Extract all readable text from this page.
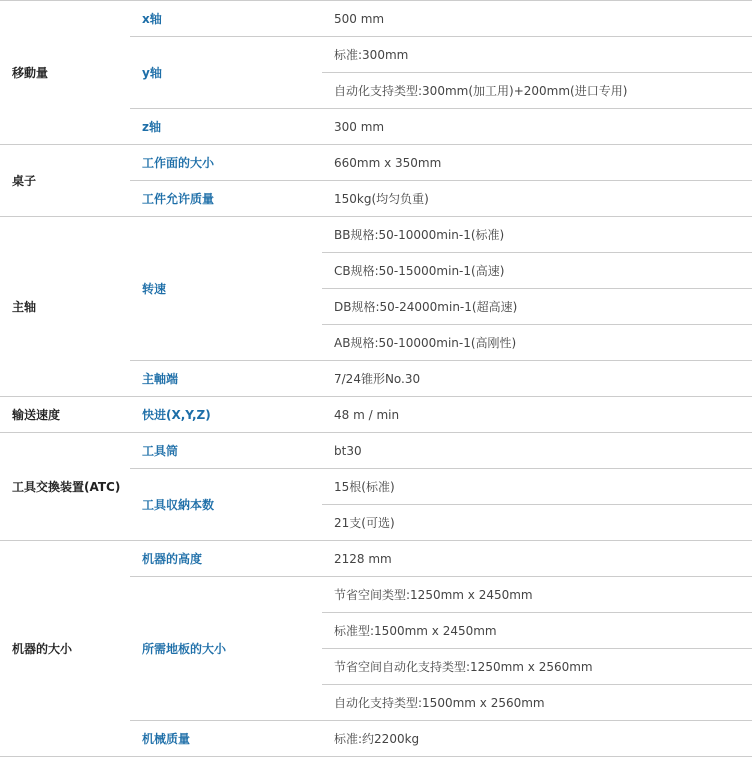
移動量	x轴	500 mm
	y轴	标准:300mm
		自动化支持类型:300mm(加工用)+200mm(进口专用)
	z轴	300 mm
桌子	工作面的大小	660mm x 350mm
	工件允许质量	150kg(均匀负重)
主轴	转速	BB规格:50-10000min-1(标准)
		CB规格:50-15000min-1(高速)
		DB规格:50-24000min-1(超高速)
		AB规格:50-10000min-1(高刚性)
	主軸端	7/24锥形No.30
输送速度	快进(X,Y,Z)	48 m / min
工具交換装置(ATC)	工具筒	bt30
	工具収納本数	15根(标准)
		21支(可选)
机器的大小	机器的高度	2128 mm
	所需地板的大小	节省空间类型:1250mm x 2450mm
		标准型:1500mm x 2450mm
		节省空间自动化支持类型:1250mm x 2560mm
		自动化支持类型:1500mm x 2560mm
	机械质量	标准:约2200kg
